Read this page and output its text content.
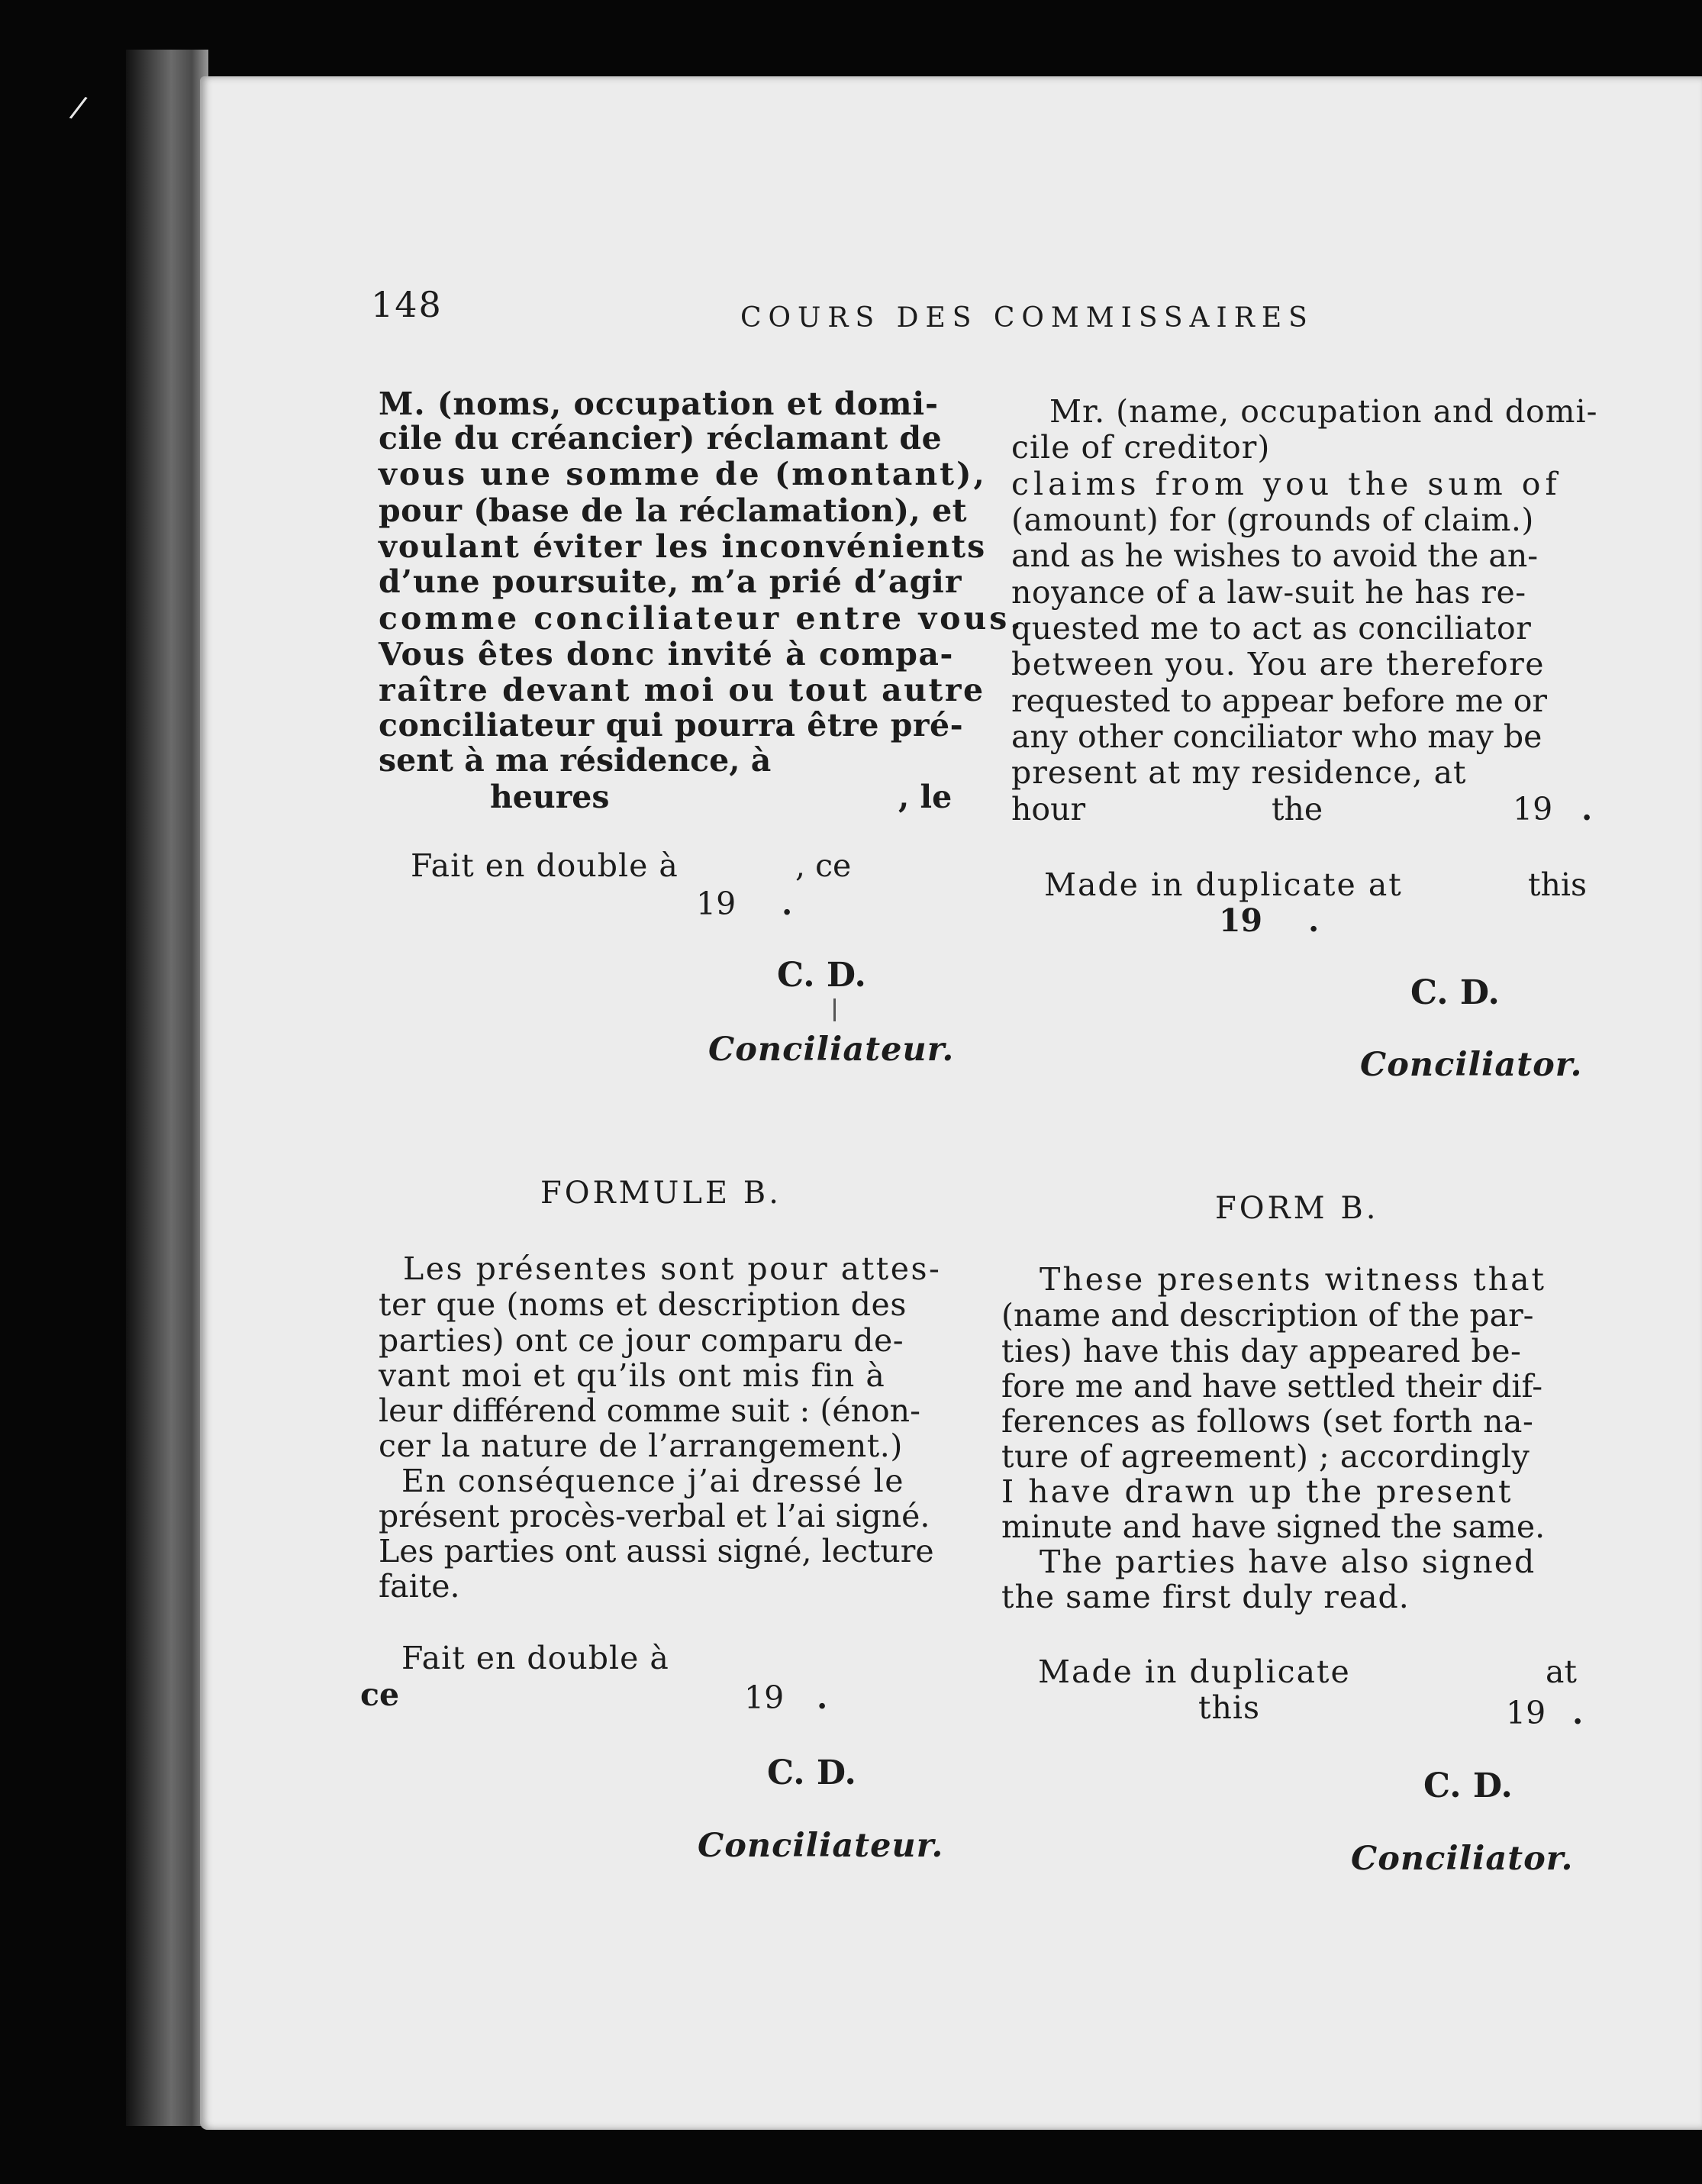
/
148	COURS DES COMMISSAIRES
M. (noms, occupation et domi-
cile du créancier) réclamant de
vous une somme de (montant),
pour (base de la réclamation), et
voulant éviter les inconvénients
d’une poursuite, m’a prié d’agir
comme conciliateur entre vous.
Vous êtes donc invité à compa-
raître devant moi ou tout autre
conciliateur qui pourra être pré-
sent à ma résidence, à
heures	, le
Fait en double à	, ce
19 .
C. D.
Conciliateur.
Mr. (name, occupation and domi-
cile of creditor)
claims from you the sum of
(amount) for (grounds of claim.)
and as he wishes to avoid the an-
noyance of a law-suit he has re-
quested me to act as conciliator
between you. You are therefore
requested to appear before me or
any other conciliator who may be
present at my residence, at
hour	the	19 .
Made in duplicate at	this
19 .
C. D.
Conciliator.
FORMULE B.
Les présentes sont pour attes-
ter que (noms et description des
parties) ont ce jour comparu de-
vant moi et qu’ils ont mis fin à
leur différend comme suit : (énon-
cer la nature de l’arrangement.)
En conséquence j’ai dressé le
présent procès-verbal et l’ai signé.
Les parties ont aussi signé, lecture
faite.
Fait en double à
ce	19 .
C. D.
Conciliateur.
FORM B.
These presents witness that
(name and description of the par-
ties) have this day appeared be-
fore me and have settled their dif-
ferences as follows (set forth na-
ture of agreement) ; accordingly
I have drawn up the present
minute and have signed the same.
The parties have also signed
the same first duly read.
Made in duplicate	at
this	19 .
C. D.
Conciliator.
